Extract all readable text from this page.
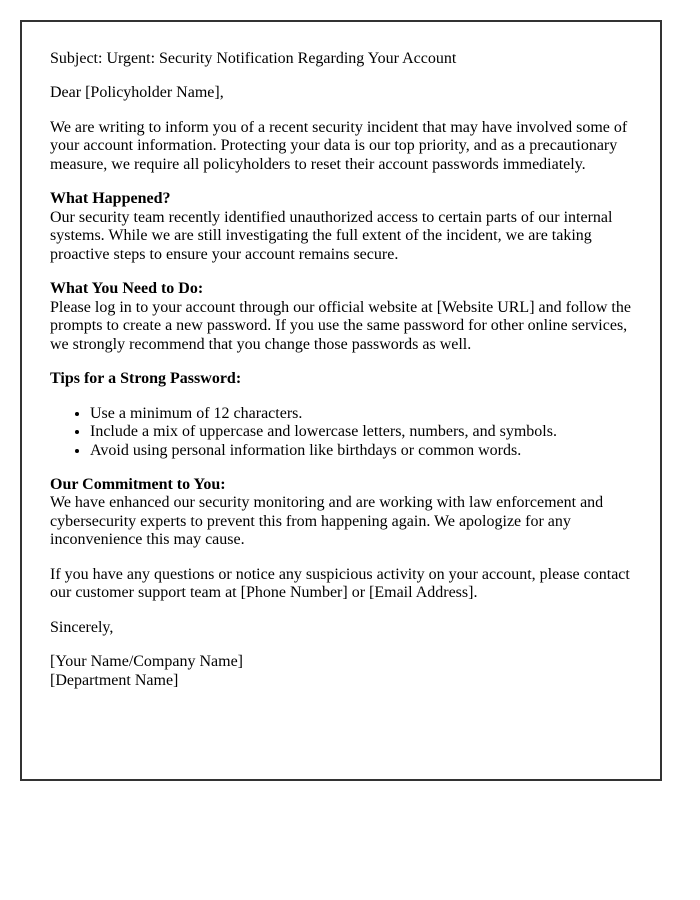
Subject: Urgent: Security Notification Regarding Your Account

Dear [Policyholder Name],

We are writing to inform you of a recent security incident that may have involved some of your account information. Protecting your data is our top priority, and as a precautionary measure, we require all policyholders to reset their account passwords immediately.

What Happened?
Our security team recently identified unauthorized access to certain parts of our internal systems. While we are still investigating the full extent of the incident, we are taking proactive steps to ensure your account remains secure.

What You Need to Do:
Please log in to your account through our official website at [Website URL] and follow the prompts to create a new password. If you use the same password for other online services, we strongly recommend that you change those passwords as well.

Tips for a Strong Password:

• Use a minimum of 12 characters.
• Include a mix of uppercase and lowercase letters, numbers, and symbols.
• Avoid using personal information like birthdays or common words.

Our Commitment to You:
We have enhanced our security monitoring and are working with law enforcement and cybersecurity experts to prevent this from happening again. We apologize for any inconvenience this may cause.

If you have any questions or notice any suspicious activity on your account, please contact our customer support team at [Phone Number] or [Email Address].

Sincerely,

[Your Name/Company Name]
[Department Name]
